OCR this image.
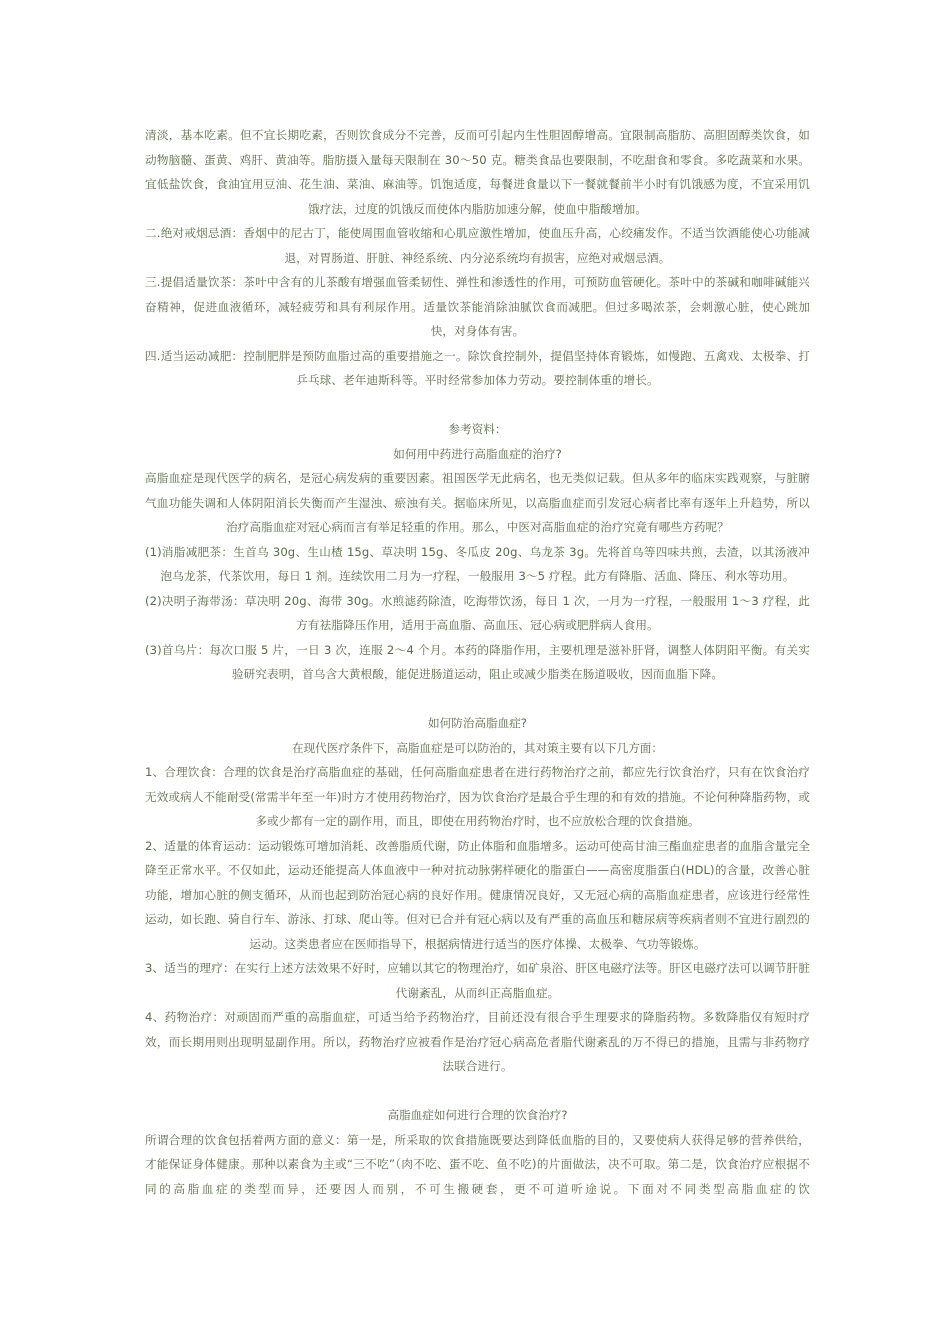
清淡，基本吃素。但不宜长期吃素，否则饮食成分不完善，反而可引起内生性胆固醇增高。宜限制高脂肪、高胆固醇类饮食，如动物脑髓、蛋黄、鸡肝、黄油等。脂肪摄入量每天限制在 30～50 克。糖类食品也要限制，不吃甜食和零食。多吃蔬菜和水果。宜低盐饮食，食油宜用豆油、花生油、菜油、麻油等。饥饱适度，每餐进食量以下一餐就餐前半小时有饥饿感为度，不宜采用饥饿疗法，过度的饥饿反而使体内脂肪加速分解，使血中脂酸增加。

二.绝对戒烟忌酒：香烟中的尼古丁，能使周围血管收缩和心肌应激性增加，使血压升高，心绞痛发作。不适当饮酒能使心功能减退，对胃肠道、肝脏、神经系统、内分泌系统均有损害，应绝对戒烟忌酒。

三.提倡适量饮茶：茶叶中含有的儿茶酸有增强血管柔韧性、弹性和渗透性的作用，可预防血管硬化。茶叶中的茶碱和咖啡碱能兴奋精神，促进血液循环，减轻疲劳和具有利尿作用。适量饮茶能消除油腻饮食而减肥。但过多喝浓茶，会刺激心脏，使心跳加快，对身体有害。

四.适当运动减肥：控制肥胖是预防血脂过高的重要措施之一。除饮食控制外，提倡坚持体育锻炼，如慢跑、五禽戏、太极拳、打乒乓球、老年迪斯科等。平时经常参加体力劳动。要控制体重的增长。

参考资料：
如何用中药进行高脂血症的治疗?

高脂血症是现代医学的病名，是冠心病发病的重要因素。祖国医学无此病名，也无类似记载。但从多年的临床实践观察，与脏腑气血功能失调和人体阴阳消长失衡而产生湿浊、瘀浊有关。据临床所见，以高脂血症而引发冠心病者比率有逐年上升趋势，所以治疗高脂血症对冠心病而言有举足轻重的作用。那么，中医对高脂血症的治疗究竟有哪些方药呢？

(1)消脂减肥茶：生首乌 30g、生山楂 15g、草决明 15g、冬瓜皮 20g、乌龙茶 3g。先将首乌等四味共煎，去渣，以其汤液冲泡乌龙茶，代茶饮用，每日 1 剂。连续饮用二月为一疗程，一般服用 3～5 疗程。此方有降脂、活血、降压、利水等功用。

(2)决明子海带汤：草决明 20g、海带 30g。水煎滤药除渣，吃海带饮汤，每日 1 次，一月为一疗程，一般服用 1～3 疗程，此方有祛脂降压作用，适用于高血脂、高血压、冠心病或肥胖病人食用。

(3)首乌片：每次口服 5 片，一日 3 次，连服 2～4 个月。本药的降脂作用，主要机理是滋补肝肾，调整人体阴阳平衡。有关实验研究表明，首乌含大黄根酸，能促进肠道运动，阻止或减少脂类在肠道吸收，因而血脂下降。

如何防治高脂血症?
在现代医疗条件下，高脂血症是可以防治的，其对策主要有以下几方面：

1、合理饮食：合理的饮食是治疗高脂血症的基础，任何高脂血症患者在进行药物治疗之前，都应先行饮食治疗，只有在饮食治疗无效或病人不能耐受(常需半年至一年)时方才使用药物治疗，因为饮食治疗是最合乎生理的和有效的措施。不论何种降脂药物，或多或少都有一定的副作用，而且，即使在用药物治疗时，也不应放松合理的饮食措施。

2、适量的体育运动：运动锻炼可增加消耗、改善脂质代谢，防止体脂和血脂增多。运动可使高甘油三酯血症患者的血脂含量完全降至正常水平。不仅如此，运动还能提高人体血液中一种对抗动脉粥样硬化的脂蛋白——高密度脂蛋白(HDL)的含量，改善心脏功能，增加心脏的侧支循环，从而也起到防治冠心病的良好作用。健康情况良好，又无冠心病的高脂血症患者，应该进行经常性运动，如长跑、骑自行车、游泳、打球、爬山等。但对已合并有冠心病以及有严重的高血压和糖尿病等疾病者则不宜进行剧烈的运动。这类患者应在医师指导下，根据病情进行适当的医疗体操、太极拳、气功等锻炼。

3、适当的理疗：在实行上述方法效果不好时，应辅以其它的物理治疗，如矿泉浴、肝区电磁疗法等。肝区电磁疗法可以调节肝脏代谢紊乱，从而纠正高脂血症。

4、药物治疗：对顽固而严重的高脂血症，可适当给予药物治疗，目前还没有很合乎生理要求的降脂药物。多数降脂仅有短时疗效，而长期用则出现明显副作用。所以，药物治疗应被看作是治疗冠心病高危者脂代谢紊乱的万不得已的措施，且需与非药物疗法联合进行。

高脂血症如何进行合理的饮食治疗?

所谓合理的饮食包括着两方面的意义：第一是，所采取的饮食措施既要达到降低血脂的目的，又要使病人获得足够的营养供给，才能保证身体健康。那种以素食为主或“三不吃”（肉不吃、蛋不吃、鱼不吃)的片面做法，决不可取。第二是，饮食治疗应根据不同的高脂血症的类型而异，还要因人而别，不可生搬硬套，更不可道听途说。下面对不同类型高脂血症的饮
